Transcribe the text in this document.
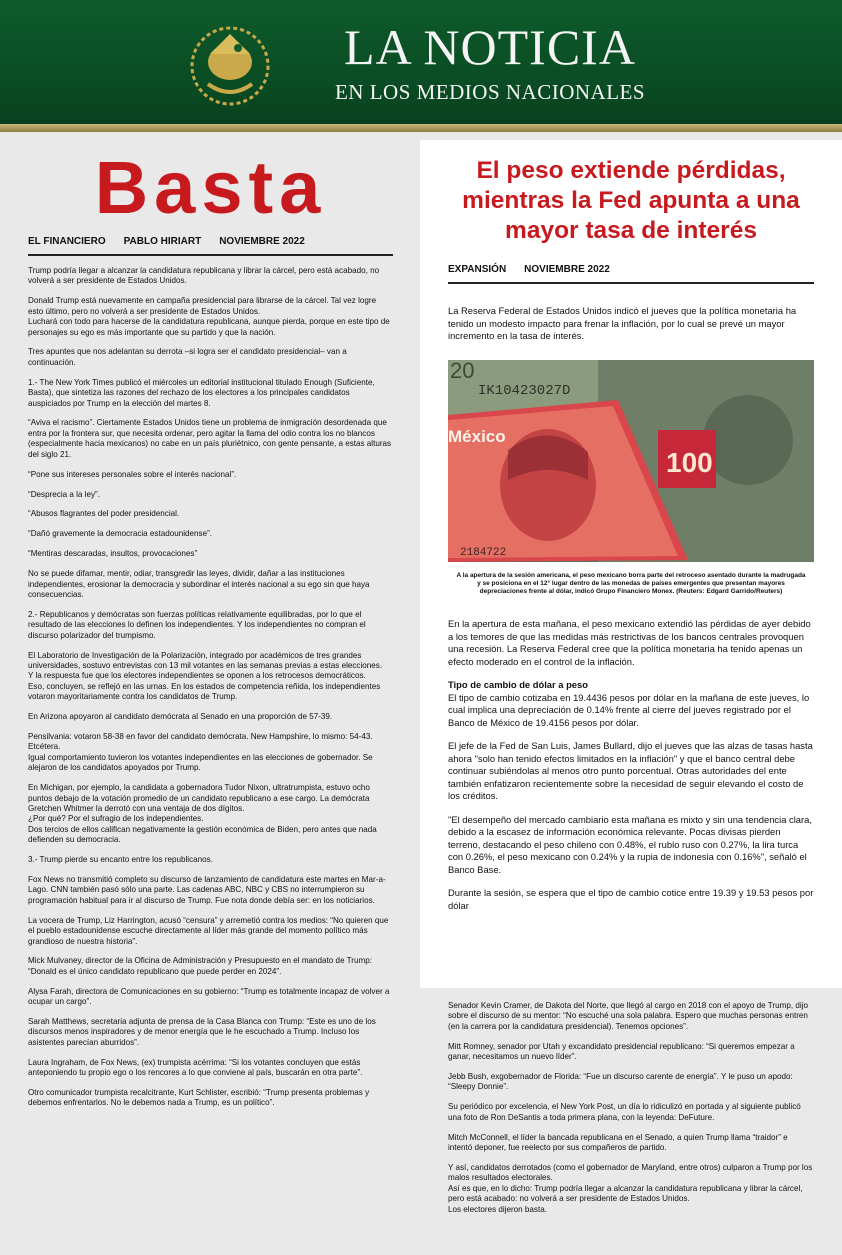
LA NOTICIA
EN LOS MEDIOS NACIONALES
Basta
EL FINANCIERO PABLO HIRIART NOVIEMBRE 2022

Trump podría llegar a alcanzar la candidatura republicana y librar la cárcel, pero está acabado, no volverá a ser presidente de Estados Unidos.

Donald Trump está nuevamente en campaña presidencial para librarse de la cárcel. Tal vez logre esto último, pero no volverá a ser presidente de Estados Unidos.
Luchará con todo para hacerse de la candidatura republicana, aunque pierda, porque en este tipo de personajes su ego es más importante que su partido y que la nación.

Tres apuntes que nos adelantan su derrota –si logra ser el candidato presidencial– van a continuación.

1.- The New York Times publicó el miércoles un editorial institucional titulado Enough (Suficiente, Basta), que sintetiza las razones del rechazo de los electores a los principales candidatos auspiciados por Trump en la elección del martes 8.

“Aviva el racismo”. Ciertamente Estados Unidos tiene un problema de inmigración desordenada que entra por la frontera sur, que necesita ordenar, pero agitar la llama del odio contra los no blancos (especialmente hacia mexicanos) no cabe en un país pluriétnico, con gente pensante, a estas alturas del siglo 21.

“Pone sus intereses personales sobre el interés nacional”.

“Desprecia a la ley”.

“Abusos flagrantes del poder presidencial.

“Dañó gravemente la democracia estadounidense”.

“Mentiras descaradas, insultos, provocaciones”

No se puede difamar, mentir, odiar, transgredir las leyes, dividir, dañar a las instituciones independientes, erosionar la democracia y subordinar el interés nacional a su ego sin que haya consecuencias.

2.- Republicanos y demócratas son fuerzas políticas relativamente equilibradas, por lo que el resultado de las elecciones lo definen los independientes. Y los independientes no compran el discurso polarizador del trumpismo.

El Laboratorio de Investigación de la Polarización, integrado por académicos de tres grandes universidades, sostuvo entrevistas con 13 mil votantes en las semanas previas a estas elecciones.
Y la respuesta fue que los electores independientes se oponen a los retrocesos democráticos.
Eso, concluyen, se reflejó en las urnas. En los estados de competencia reñida, los independientes votaron mayoritariamente contra los candidatos de Trump.

En Arizona apoyaron al candidato demócrata al Senado en una proporción de 57-39.

Pensilvania: votaron 58-38 en favor del candidato demócrata. New Hampshire, lo mismo: 54-43. Etcétera.
Igual comportamiento tuvieron los votantes independientes en las elecciones de gobernador. Se alejaron de los candidatos apoyados por Trump.

En Michigan, por ejemplo, la candidata a gobernadora Tudor Nixon, ultratrumpista, estuvo ocho puntos debajo de la votación promedio de un candidato republicano a ese cargo. La demócrata Gretchen Whitmer la derrotó con una ventaja de dos dígitos.
¿Por qué? Por el sufragio de los independientes.
Dos tercios de ellos califican negativamente la gestión económica de Biden, pero antes que nada defienden su democracia.

3.- Trump pierde su encanto entre los republicanos.

Fox News no transmitió completo su discurso de lanzamiento de candidatura este martes en Mar-a-Lago. CNN también pasó sólo una parte. Las cadenas ABC, NBC y CBS no interrumpieron su programación habitual para ir al discurso de Trump. Fue nota donde debía ser: en los noticiarios.

La vocera de Trump, Liz Harrington, acusó “censura” y arremetió contra los medios: “No quieren que el pueblo estadounidense escuche directamente al líder más grande del momento político más grandioso de nuestra historia”.

Mick Mulvaney, director de la Oficina de Administración y Presupuesto en el mandato de Trump: “Donald es el único candidato republicano que puede perder en 2024”.

Alysa Farah, directora de Comunicaciones en su gobierno: “Trump es totalmente incapaz de volver a ocupar un cargo”.

Sarah Matthews, secretaria adjunta de prensa de la Casa Blanca con Trump: “Este es uno de los discursos menos inspiradores y de menor energía que le he escuchado a Trump. Incluso los asistentes parecían aburridos”.

Laura Ingraham, de Fox News, (ex) trumpista acérrima: “Si los votantes concluyen que estás anteponiendo tu propio ego o los rencores a lo que conviene al país, buscarán en otra parte”.

Otro comunicador trumpista recalcitrante, Kurt Schlister, escribió: “Trump presenta problemas y debemos enfrentarlos. No le debemos nada a Trump, es un político”.

El peso extiende pérdidas, mientras la Fed apunta a una mayor tasa de interés
EXPANSIÓN NOVIEMBRE 2022
La Reserva Federal de Estados Unidos indicó el jueves que la política monetaria ha tenido un modesto impacto para frenar la inflación, por lo cual se prevé un mayor incremento en la tasa de interés.
20
IK10423027D
México
100
2184722
A la apertura de la sesión americana, el peso mexicano borra parte del retroceso asentado durante la madrugada y se posiciona en el 12° lugar dentro de las monedas de países emergentes que presentan mayores depreciaciones frente al dólar, indicó Grupo Financiero Monex. (Reuters: Edgard Garrido/Reuters)

En la apertura de esta mañana, el peso mexicano extendió las pérdidas de ayer debido a los temores de que las medidas más restrictivas de los bancos centrales provoquen una recesión. La Reserva Federal cree que la política monetaria ha tenido apenas un efecto moderado en el control de la inflación.

Tipo de cambio de dólar a peso
El tipo de cambio cotizaba en 19.4436 pesos por dólar en la mañana de este jueves, lo cual implica una depreciación de 0.14% frente al cierre del jueves registrado por el Banco de México de 19.4156 pesos por dólar.

El jefe de la Fed de San Luis, James Bullard, dijo el jueves que las alzas de tasas hasta ahora "solo han tenido efectos limitados en la inflación" y que el banco central debe continuar subiéndolas al menos otro punto porcentual. Otras autoridades del ente también enfatizaron recientemente sobre la necesidad de seguir elevando el costo de los créditos.

"El desempeño del mercado cambiario esta mañana es mixto y sin una tendencia clara, debido a la escasez de información económica relevante. Pocas divisas pierden terreno, destacando el peso chileno con 0.48%, el rublo ruso con 0.27%, la lira turca con 0.26%, el peso mexicano con 0.24% y la rupia de indonesia con 0.16%", señaló el Banco Base.

Durante la sesión, se espera que el tipo de cambio cotice entre 19.39 y 19.53 pesos por dólar

Senador Kevin Cramer, de Dakota del Norte, que llegó al cargo en 2018 con el apoyo de Trump, dijo sobre el discurso de su mentor: “No escuché una sola palabra. Espero que muchas personas entren (en la carrera por la candidatura presidencial). Tenemos opciones”.

Mitt Romney, senador por Utah y excandidato presidencial republicano: “Si queremos empezar a ganar, necesitamos un nuevo líder”.

Jebb Bush, exgobernador de Florida: “Fue un discurso carente de energía”. Y le puso un apodo: “Sleepy Donnie”.

Su periódico por excelencia, el New York Post, un día lo ridiculizó en portada y al siguiente publicó una foto de Ron DeSantis a toda primera plana, con la leyenda: DeFuture.

Mitch McConnell, el líder la bancada republicana en el Senado, a quien Trump llama “traidor” e intentó deponer, fue reelecto por sus compañeros de partido.

Y así, candidatos derrotados (como el gobernador de Maryland, entre otros) culparon a Trump por los malos resultados electorales.
Así es que, en lo dicho: Trump podría llegar a alcanzar la candidatura republicana y librar la cárcel, pero está acabado: no volverá a ser presidente de Estados Unidos.
Los electores dijeron basta.
